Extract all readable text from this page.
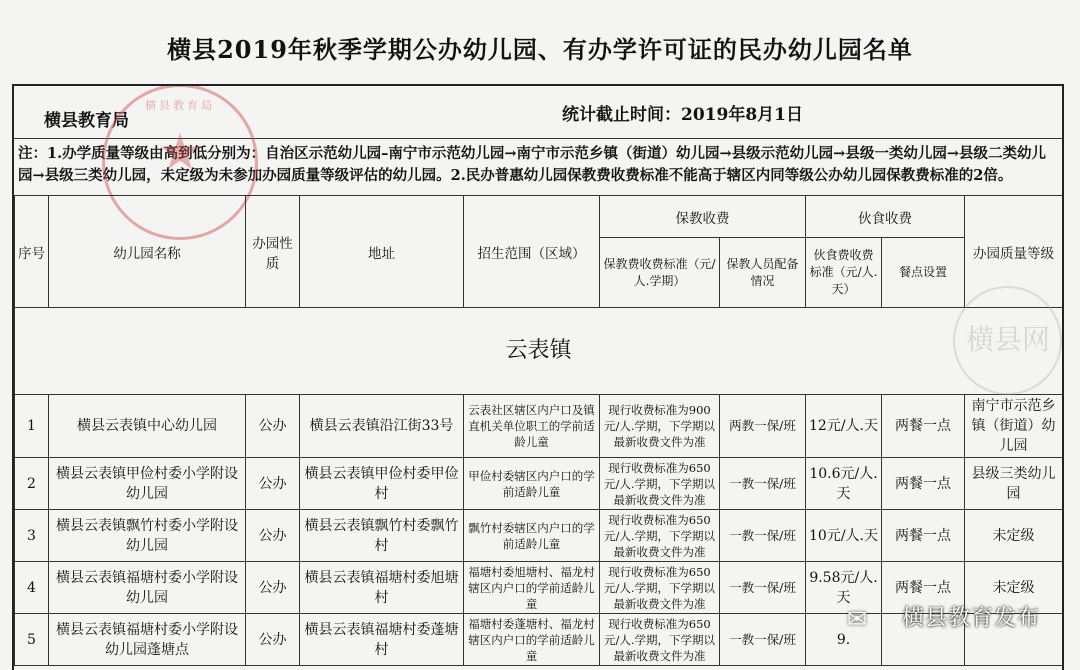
横县2019年秋季学期公办幼儿园、有办学许可证的民办幼儿园名单
横县教育局	统计截止时间：2019年8月1日
注：1.办学质量等级由高到低分别为：自治区示范幼儿园–南宁市示范幼儿园→南宁市示范乡镇（街道）幼儿园→县级示范幼儿园→县级一类幼儿园→县级二类幼儿园→县级三类幼儿园，未定级为未参加办园质量等级评估的幼儿园。2.民办普惠幼儿园保教费收费标准不能高于辖区内同等级公办幼儿园保教费标准的2倍。
横县教育局
★
序号	幼儿园名称	办园性质	地址	招生范围（区域）	保教收费		伙食收费		办园质量等级
					保教费收费标准（元/人.学期）	保教人员配备情况	伙食费收费标准（元/人.天）	餐点设置	
云表镇									
1	横县云表镇中心幼儿园	公办	横县云表镇沿江街33号	云表社区辖区内户口及镇直机关单位职工的学前适龄儿童	现行收费标准为900元/人.学期，下学期以最新收费文件为准	两教一保/班	12元/人.天	两餐一点	南宁市示范乡镇（街道）幼儿园
2	横县云表镇甲俭村委小学附设幼儿园	公办	横县云表镇甲俭村委甲俭村	甲俭村委辖区内户口的学前适龄儿童	现行收费标准为650元/人.学期，下学期以最新收费文件为准	一教一保/班	10.6元/人.天	两餐一点	县级三类幼儿园
3	横县云表镇飘竹村委小学附设幼儿园	公办	横县云表镇飘竹村委飘竹村	飘竹村委辖区内户口的学前适龄儿童	现行收费标准为650元/人.学期，下学期以最新收费文件为准	一教一保/班	10元/人.天	两餐一点	未定级
4	横县云表镇福塘村委小学附设幼儿园	公办	横县云表镇福塘村委旭塘村	福塘村委旭塘村、福龙村辖区内户口的学前适龄儿童	现行收费标准为650元/人.学期，下学期以最新收费文件为准	一教一保/班	9.58元/人.天	两餐一点	未定级
5	横县云表镇福塘村委小学附设幼儿园蓬塘点	公办	横县云表镇福塘村委蓬塘村	福塘村委蓬塘村、福龙村辖区内户口的学前适龄儿童	现行收费标准为650元/人.学期，下学期以最新收费文件为准	一教一保/班	9.		
横县网
✉	横县教育发布
